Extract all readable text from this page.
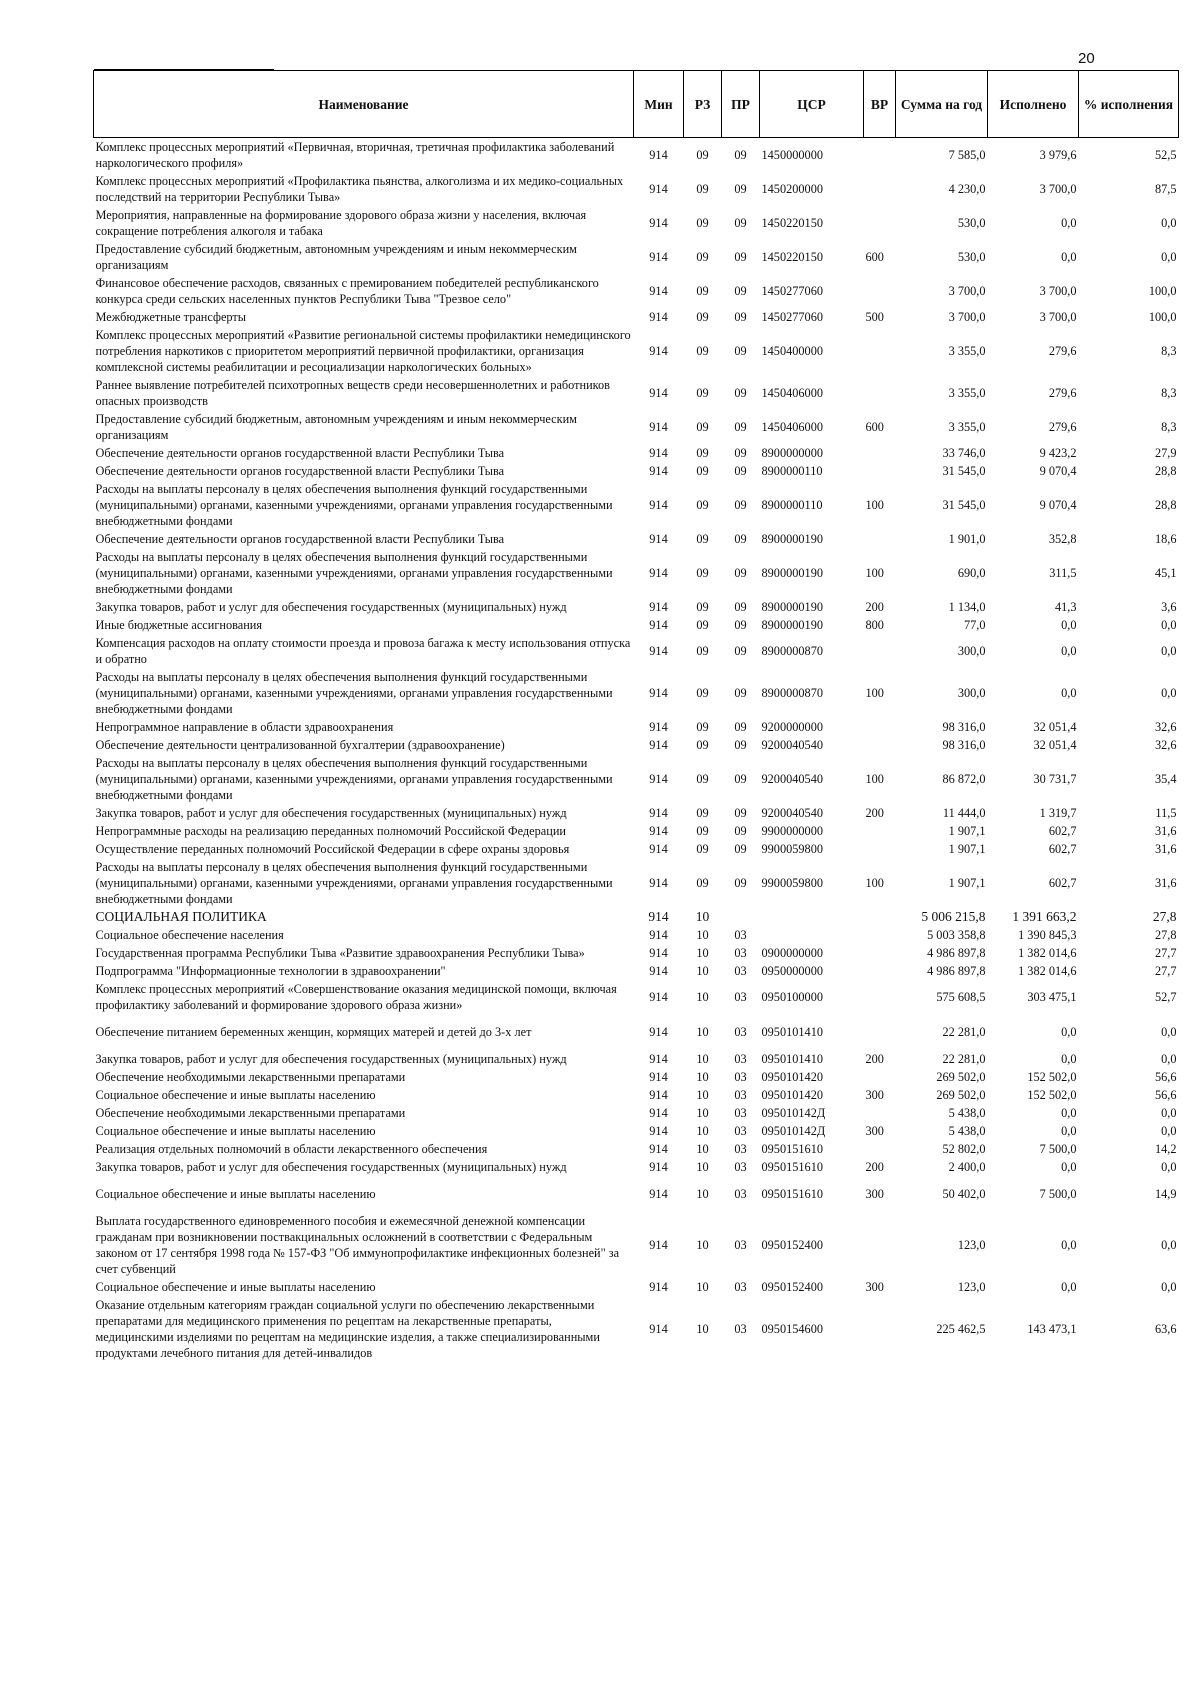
20
Наименование	Мин	РЗ	ПР	ЦСР	ВР	Сумма на год	Исполнено	% исполнения
Комплекс процессных мероприятий «Первичная, вторичная, третичная профилактика заболеваний наркологического профиля»	914	09	09	1450000000		7 585,0	3 979,6	52,5
Комплекс процессных мероприятий «Профилактика пьянства, алкоголизма и их медико-социальных последствий на территории Республики Тыва»	914	09	09	1450200000		4 230,0	3 700,0	87,5
Мероприятия, направленные на формирование здорового образа жизни у населения, включая сокращение потребления алкоголя и табака	914	09	09	1450220150		530,0	0,0	0,0
Предоставление субсидий бюджетным, автономным учреждениям и иным некоммерческим организациям	914	09	09	1450220150	600	530,0	0,0	0,0
Финансовое обеспечение расходов, связанных с премированием победителей республиканского конкурса среди сельских населенных пунктов Республики Тыва "Трезвое село"	914	09	09	1450277060		3 700,0	3 700,0	100,0
Межбюджетные трансферты	914	09	09	1450277060	500	3 700,0	3 700,0	100,0
Комплекс процессных мероприятий «Развитие региональной системы профилактики немедицинского потребления наркотиков с приоритетом мероприятий первичной профилактики, организация комплексной системы реабилитации и ресоциализации наркологических больных»	914	09	09	1450400000		3 355,0	279,6	8,3
Раннее выявление потребителей психотропных веществ среди несовершеннолетних и работников опасных производств	914	09	09	1450406000		3 355,0	279,6	8,3
Предоставление субсидий бюджетным, автономным учреждениям и иным некоммерческим организациям	914	09	09	1450406000	600	3 355,0	279,6	8,3
Обеспечение деятельности органов государственной власти Республики Тыва	914	09	09	8900000000		33 746,0	9 423,2	27,9
Обеспечение деятельности органов государственной власти Республики Тыва	914	09	09	8900000110		31 545,0	9 070,4	28,8
Расходы на выплаты персоналу в целях обеспечения выполнения функций государственными (муниципальными) органами, казенными учреждениями, органами управления государственными внебюджетными фондами	914	09	09	8900000110	100	31 545,0	9 070,4	28,8
Обеспечение деятельности органов государственной власти Республики Тыва	914	09	09	8900000190		1 901,0	352,8	18,6
Расходы на выплаты персоналу в целях обеспечения выполнения функций государственными (муниципальными) органами, казенными учреждениями, органами управления государственными внебюджетными фондами	914	09	09	8900000190	100	690,0	311,5	45,1
Закупка товаров, работ и услуг для обеспечения государственных (муниципальных) нужд	914	09	09	8900000190	200	1 134,0	41,3	3,6
Иные бюджетные ассигнования	914	09	09	8900000190	800	77,0	0,0	0,0
Компенсация расходов на оплату стоимости проезда и провоза багажа к месту использования отпуска и обратно	914	09	09	8900000870		300,0	0,0	0,0
Расходы на выплаты персоналу в целях обеспечения выполнения функций государственными (муниципальными) органами, казенными учреждениями, органами управления государственными внебюджетными фондами	914	09	09	8900000870	100	300,0	0,0	0,0
Непрограммное направление в области здравоохранения	914	09	09	9200000000		98 316,0	32 051,4	32,6
Обеспечение деятельности централизованной бухгалтерии (здравоохранение)	914	09	09	9200040540		98 316,0	32 051,4	32,6
Расходы на выплаты персоналу в целях обеспечения выполнения функций государственными (муниципальными) органами, казенными учреждениями, органами управления государственными внебюджетными фондами	914	09	09	9200040540	100	86 872,0	30 731,7	35,4
Закупка товаров, работ и услуг для обеспечения государственных (муниципальных) нужд	914	09	09	9200040540	200	11 444,0	1 319,7	11,5
Непрограммные расходы на реализацию переданных полномочий Российской Федерации	914	09	09	9900000000		1 907,1	602,7	31,6
Осуществление переданных полномочий Российской Федерации в сфере охраны здоровья	914	09	09	9900059800		1 907,1	602,7	31,6
Расходы на выплаты персоналу в целях обеспечения выполнения функций государственными (муниципальными) органами, казенными учреждениями, органами управления государственными внебюджетными фондами	914	09	09	9900059800	100	1 907,1	602,7	31,6
СОЦИАЛЬНАЯ ПОЛИТИКА	914	10				5 006 215,8	1 391 663,2	27,8
Социальное обеспечение населения	914	10	03			5 003 358,8	1 390 845,3	27,8
Государственная программа Республики Тыва «Развитие здравоохранения Республики Тыва»	914	10	03	0900000000		4 986 897,8	1 382 014,6	27,7
Подпрограмма "Информационные технологии в здравоохранении"	914	10	03	0950000000		4 986 897,8	1 382 014,6	27,7
Комплекс процессных мероприятий «Совершенствование оказания медицинской помощи, включая профилактику заболеваний и формирование здорового образа жизни»	914	10	03	0950100000		575 608,5	303 475,1	52,7
Обеспечение питанием беременных женщин, кормящих матерей и детей до 3-х лет	914	10	03	0950101410		22 281,0	0,0	0,0
Закупка товаров, работ и услуг для обеспечения государственных (муниципальных) нужд	914	10	03	0950101410	200	22 281,0	0,0	0,0
Обеспечение необходимыми лекарственными препаратами	914	10	03	0950101420		269 502,0	152 502,0	56,6
Социальное обеспечение и иные выплаты населению	914	10	03	0950101420	300	269 502,0	152 502,0	56,6
Обеспечение необходимыми лекарственными препаратами	914	10	03	095010142Д		5 438,0	0,0	0,0
Социальное обеспечение и иные выплаты населению	914	10	03	095010142Д	300	5 438,0	0,0	0,0
Реализация отдельных полномочий в области лекарственного обеспечения	914	10	03	0950151610		52 802,0	7 500,0	14,2
Закупка товаров, работ и услуг для обеспечения государственных (муниципальных) нужд	914	10	03	0950151610	200	2 400,0	0,0	0,0
Социальное обеспечение и иные выплаты населению	914	10	03	0950151610	300	50 402,0	7 500,0	14,9
Выплата государственного единовременного пособия и ежемесячной денежной компенсации гражданам при возникновении поствакцинальных осложнений в соответствии с Федеральным законом от 17 сентября 1998 года № 157-ФЗ "Об иммунопрофилактике инфекционных болезней" за счет субвенций	914	10	03	0950152400		123,0	0,0	0,0
Социальное обеспечение и иные выплаты населению	914	10	03	0950152400	300	123,0	0,0	0,0
Оказание отдельным категориям граждан социальной услуги по обеспечению лекарственными препаратами для медицинского применения по рецептам на лекарственные препараты, медицинскими изделиями по рецептам на медицинские изделия, а также специализированными продуктами лечебного питания для детей-инвалидов	914	10	03	0950154600		225 462,5	143 473,1	63,6
